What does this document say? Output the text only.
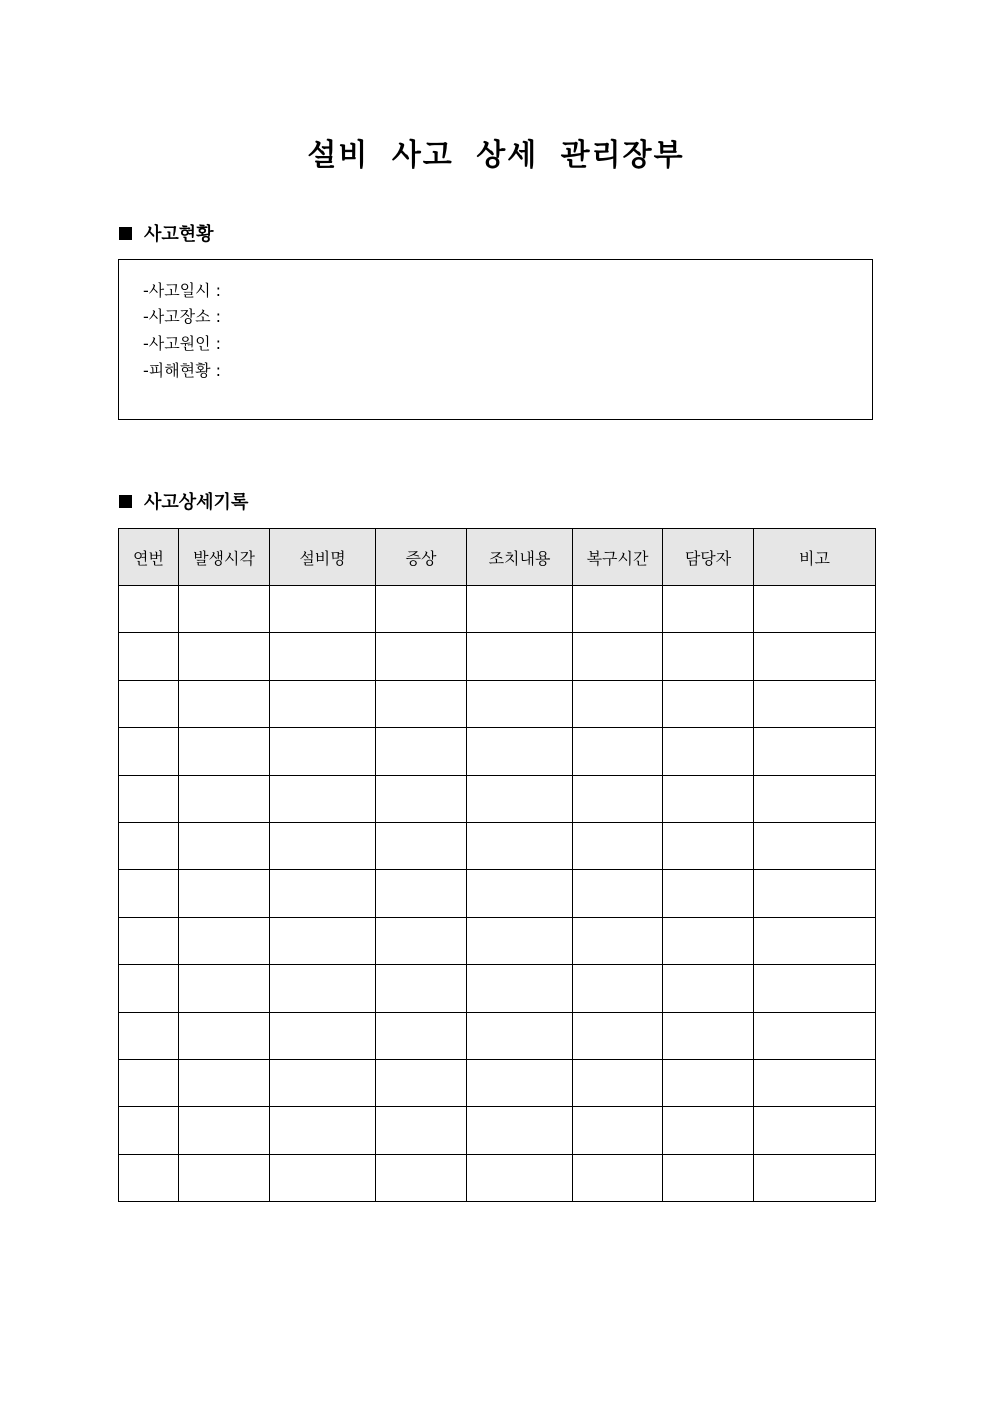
설비 사고 상세 관리장부
사고현황
-사고일시 :
-사고장소 :
-사고원인 :
-피해현황 :
사고상세기록
연번	발생시각	설비명	증상	조치내용	복구시간	담당자	비고
